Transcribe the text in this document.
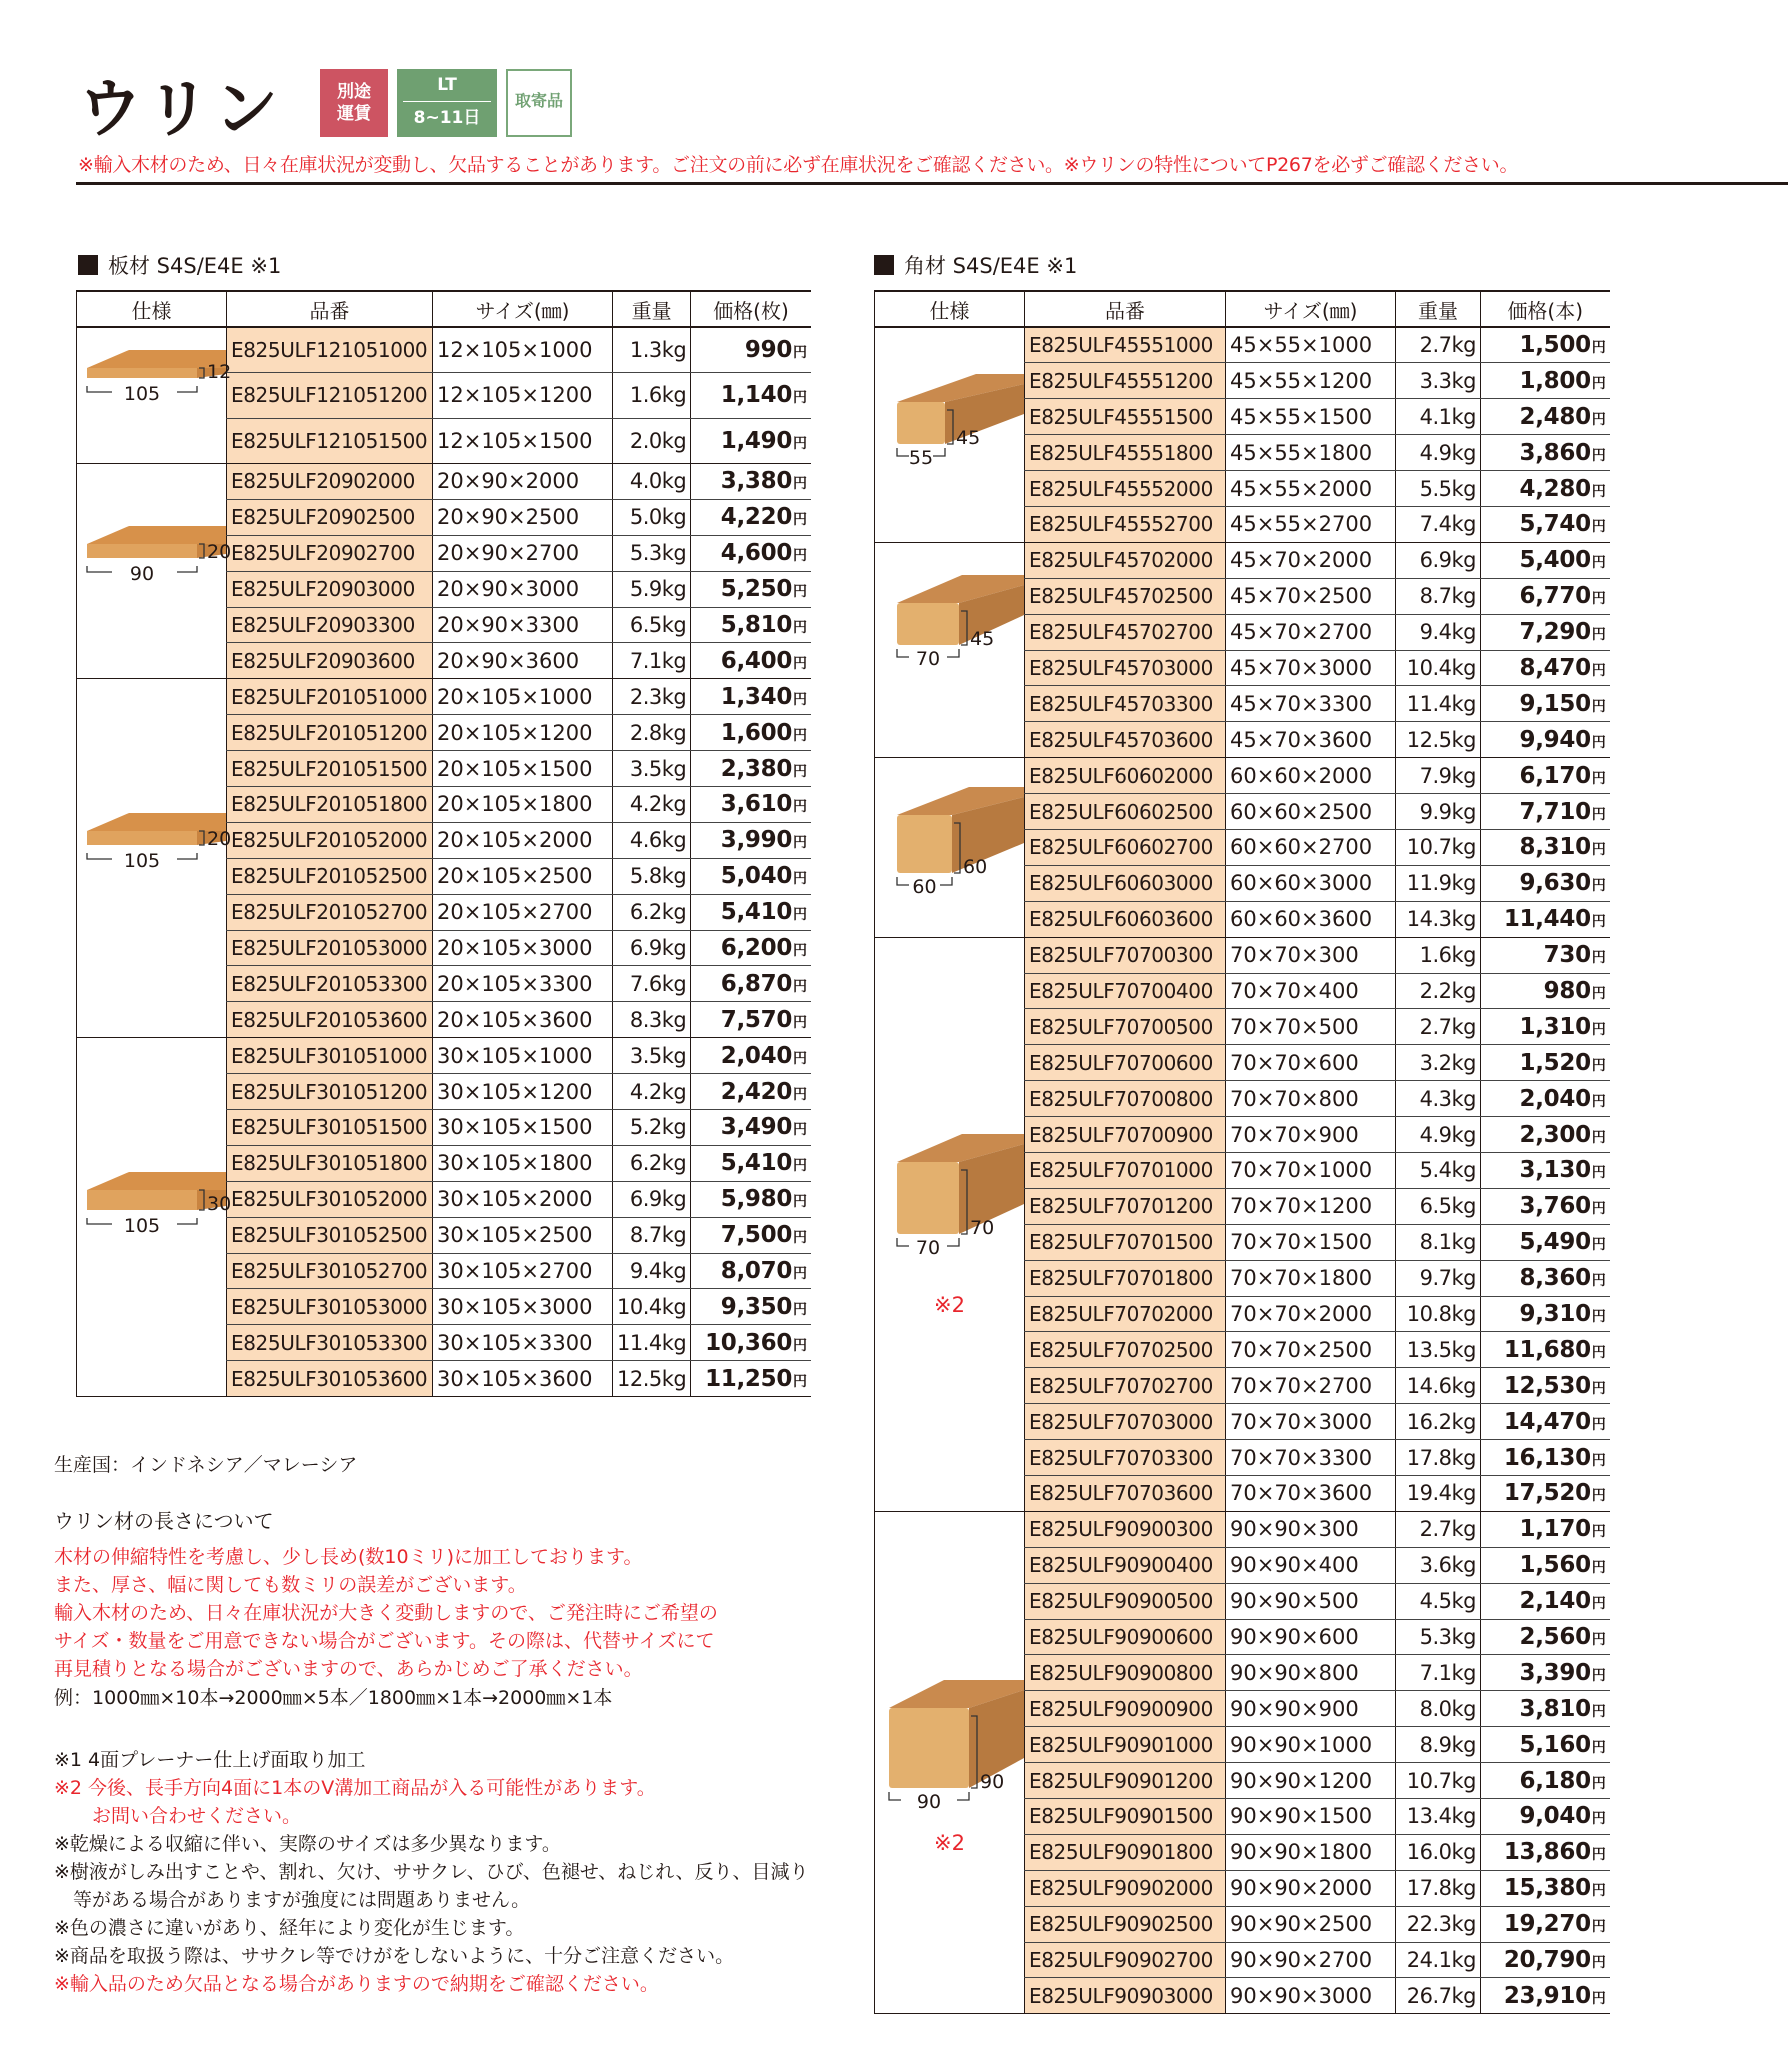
ウリン	別途
運賃
LT
8~11日
取寄品
※輸入木材のため、日々在庫状況が変動し、欠品することがあります。ご注文の前に必ず在庫状況をご確認ください。※ウリンの特性についてP267を必ずご確認ください。
板材 S4S/E4E ※1	角材 S4S/E4E ※1
仕様	品番	サイズ(㎜)	重量	価格(枚)

105
12	E825ULF121051000	12×105×1000	1.3kg	990円
	E825ULF121051200	12×105×1200	1.6kg	1,140円
	E825ULF121051500	12×105×1500	2.0kg	1,490円

90
20	E825ULF20902000	20×90×2000	4.0kg	3,380円
	E825ULF20902500	20×90×2500	5.0kg	4,220円
	E825ULF20902700	20×90×2700	5.3kg	4,600円
	E825ULF20903000	20×90×3000	5.9kg	5,250円
	E825ULF20903300	20×90×3300	6.5kg	5,810円
	E825ULF20903600	20×90×3600	7.1kg	6,400円

105
20	E825ULF201051000	20×105×1000	2.3kg	1,340円
	E825ULF201051200	20×105×1200	2.8kg	1,600円
	E825ULF201051500	20×105×1500	3.5kg	2,380円
	E825ULF201051800	20×105×1800	4.2kg	3,610円
	E825ULF201052000	20×105×2000	4.6kg	3,990円
	E825ULF201052500	20×105×2500	5.8kg	5,040円
	E825ULF201052700	20×105×2700	6.2kg	5,410円
	E825ULF201053000	20×105×3000	6.9kg	6,200円
	E825ULF201053300	20×105×3300	7.6kg	6,870円
	E825ULF201053600	20×105×3600	8.3kg	7,570円

105
30	E825ULF301051000	30×105×1000	3.5kg	2,040円
	E825ULF301051200	30×105×1200	4.2kg	2,420円
	E825ULF301051500	30×105×1500	5.2kg	3,490円
	E825ULF301051800	30×105×1800	6.2kg	5,410円
	E825ULF301052000	30×105×2000	6.9kg	5,980円
	E825ULF301052500	30×105×2500	8.7kg	7,500円
	E825ULF301052700	30×105×2700	9.4kg	8,070円
	E825ULF301053000	30×105×3000	10.4kg	9,350円
	E825ULF301053300	30×105×3300	11.4kg	10,360円
	E825ULF301053600	30×105×3600	12.5kg	11,250円
仕様	品番	サイズ(㎜)	重量	価格(本)

55
45	E825ULF45551000	45×55×1000	2.7kg	1,500円
	E825ULF45551200	45×55×1200	3.3kg	1,800円
	E825ULF45551500	45×55×1500	4.1kg	2,480円
	E825ULF45551800	45×55×1800	4.9kg	3,860円
	E825ULF45552000	45×55×2000	5.5kg	4,280円
	E825ULF45552700	45×55×2700	7.4kg	5,740円

70
45	E825ULF45702000	45×70×2000	6.9kg	5,400円
	E825ULF45702500	45×70×2500	8.7kg	6,770円
	E825ULF45702700	45×70×2700	9.4kg	7,290円
	E825ULF45703000	45×70×3000	10.4kg	8,470円
	E825ULF45703300	45×70×3300	11.4kg	9,150円
	E825ULF45703600	45×70×3600	12.5kg	9,940円

60
60	E825ULF60602000	60×60×2000	7.9kg	6,170円
	E825ULF60602500	60×60×2500	9.9kg	7,710円
	E825ULF60602700	60×60×2700	10.7kg	8,310円
	E825ULF60603000	60×60×3000	11.9kg	9,630円
	E825ULF60603600	60×60×3600	14.3kg	11,440円

70
70
※2	E825ULF70700300	70×70×300	1.6kg	730円
	E825ULF70700400	70×70×400	2.2kg	980円
	E825ULF70700500	70×70×500	2.7kg	1,310円
	E825ULF70700600	70×70×600	3.2kg	1,520円
	E825ULF70700800	70×70×800	4.3kg	2,040円
	E825ULF70700900	70×70×900	4.9kg	2,300円
	E825ULF70701000	70×70×1000	5.4kg	3,130円
	E825ULF70701200	70×70×1200	6.5kg	3,760円
	E825ULF70701500	70×70×1500	8.1kg	5,490円
	E825ULF70701800	70×70×1800	9.7kg	8,360円
	E825ULF70702000	70×70×2000	10.8kg	9,310円
	E825ULF70702500	70×70×2500	13.5kg	11,680円
	E825ULF70702700	70×70×2700	14.6kg	12,530円
	E825ULF70703000	70×70×3000	16.2kg	14,470円
	E825ULF70703300	70×70×3300	17.8kg	16,130円
	E825ULF70703600	70×70×3600	19.4kg	17,520円

90
90
※2	E825ULF90900300	90×90×300	2.7kg	1,170円
	E825ULF90900400	90×90×400	3.6kg	1,560円
	E825ULF90900500	90×90×500	4.5kg	2,140円
	E825ULF90900600	90×90×600	5.3kg	2,560円
	E825ULF90900800	90×90×800	7.1kg	3,390円
	E825ULF90900900	90×90×900	8.0kg	3,810円
	E825ULF90901000	90×90×1000	8.9kg	5,160円
	E825ULF90901200	90×90×1200	10.7kg	6,180円
	E825ULF90901500	90×90×1500	13.4kg	9,040円
	E825ULF90901800	90×90×1800	16.0kg	13,860円
	E825ULF90902000	90×90×2000	17.8kg	15,380円
	E825ULF90902500	90×90×2500	22.3kg	19,270円
	E825ULF90902700	90×90×2700	24.1kg	20,790円
	E825ULF90903000	90×90×3000	26.7kg	23,910円
生産国：インドネシア／マレーシア
ウリン材の長さについて
木材の伸縮特性を考慮し、少し長め(数10ミリ)に加工しております。
また、厚さ、幅に関しても数ミリの誤差がございます。
輸入木材のため、日々在庫状況が大きく変動しますので、ご発注時にご希望の
サイズ・数量をご用意できない場合がございます。その際は、代替サイズにて
再見積りとなる場合がございますので、あらかじめご了承ください。
例：1000㎜×10本→2000㎜×5本／1800㎜×1本→2000㎜×1本
※1 4面プレーナー仕上げ面取り加工
※2 今後、長手方向4面に1本のV溝加工商品が入る可能性があります。
　　お問い合わせください。
※乾燥による収縮に伴い、実際のサイズは多少異なります。
※樹液がしみ出すことや、割れ、欠け、ササクレ、ひび、色褪せ、ねじれ、反り、目減り
　等がある場合がありますが強度には問題ありません。
※色の濃さに違いがあり、経年により変化が生じます。
※商品を取扱う際は、ササクレ等でけがをしないように、十分ご注意ください。
※輸入品のため欠品となる場合がありますので納期をご確認ください。
